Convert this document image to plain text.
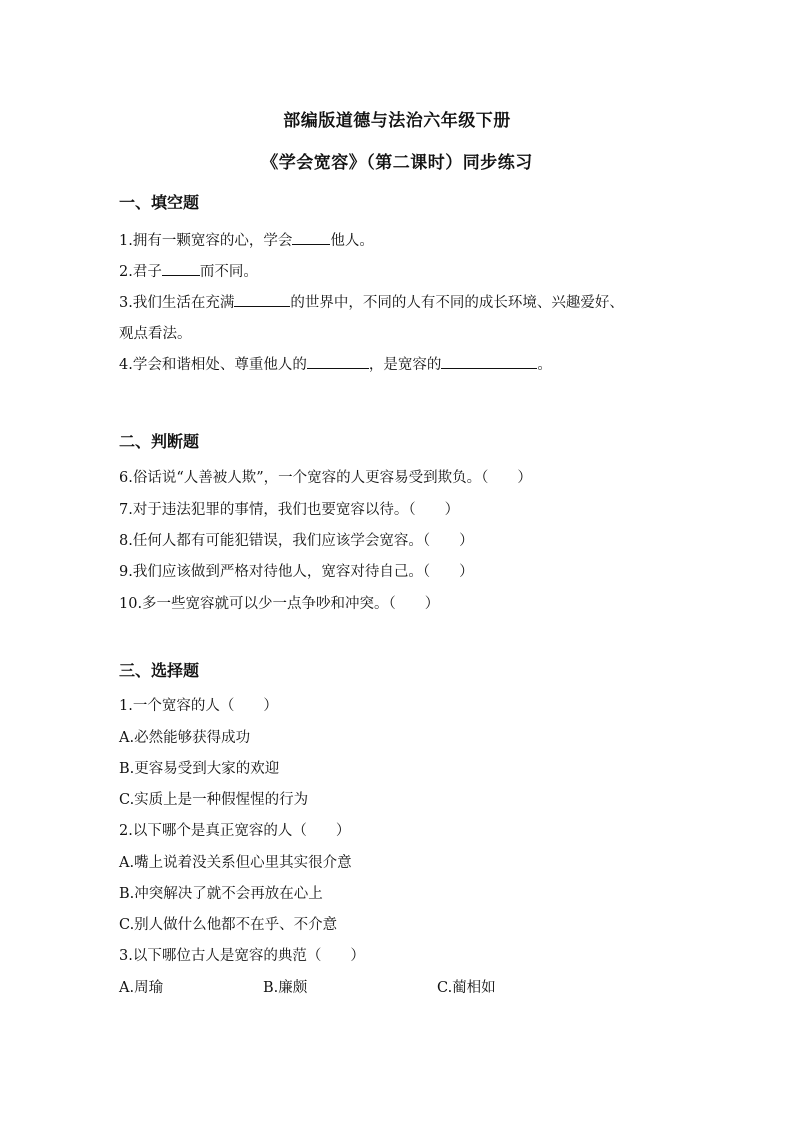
部编版道德与法治六年级下册
《学会宽容》（第二课时）同步练习
一、填空题
1.拥有一颗宽容的心，学会	他人。
2.君子	而不同。
3.我们生活在充满	的世界中，不同的人有不同的成长环境、兴趣爱好、
观点看法。
4.学会和谐相处、尊重他人的	，是宽容的	。
二、判断题
6.俗话说“人善被人欺”，一个宽容的人更容易受到欺负。（　　）
7.对于违法犯罪的事情，我们也要宽容以待。（　　）
8.任何人都有可能犯错误，我们应该学会宽容。（　　）
9.我们应该做到严格对待他人，宽容对待自己。（　　）
10.多一些宽容就可以少一点争吵和冲突。（　　）
三、选择题
1.一个宽容的人（　　）
A.必然能够获得成功
B.更容易受到大家的欢迎
C.实质上是一种假惺惺的行为
2.以下哪个是真正宽容的人（　　）
A.嘴上说着没关系但心里其实很介意
B.冲突解决了就不会再放在心上
C.别人做什么他都不在乎、不介意
3.以下哪位古人是宽容的典范（　　）
A.周瑜	B.廉颇	C.蔺相如
